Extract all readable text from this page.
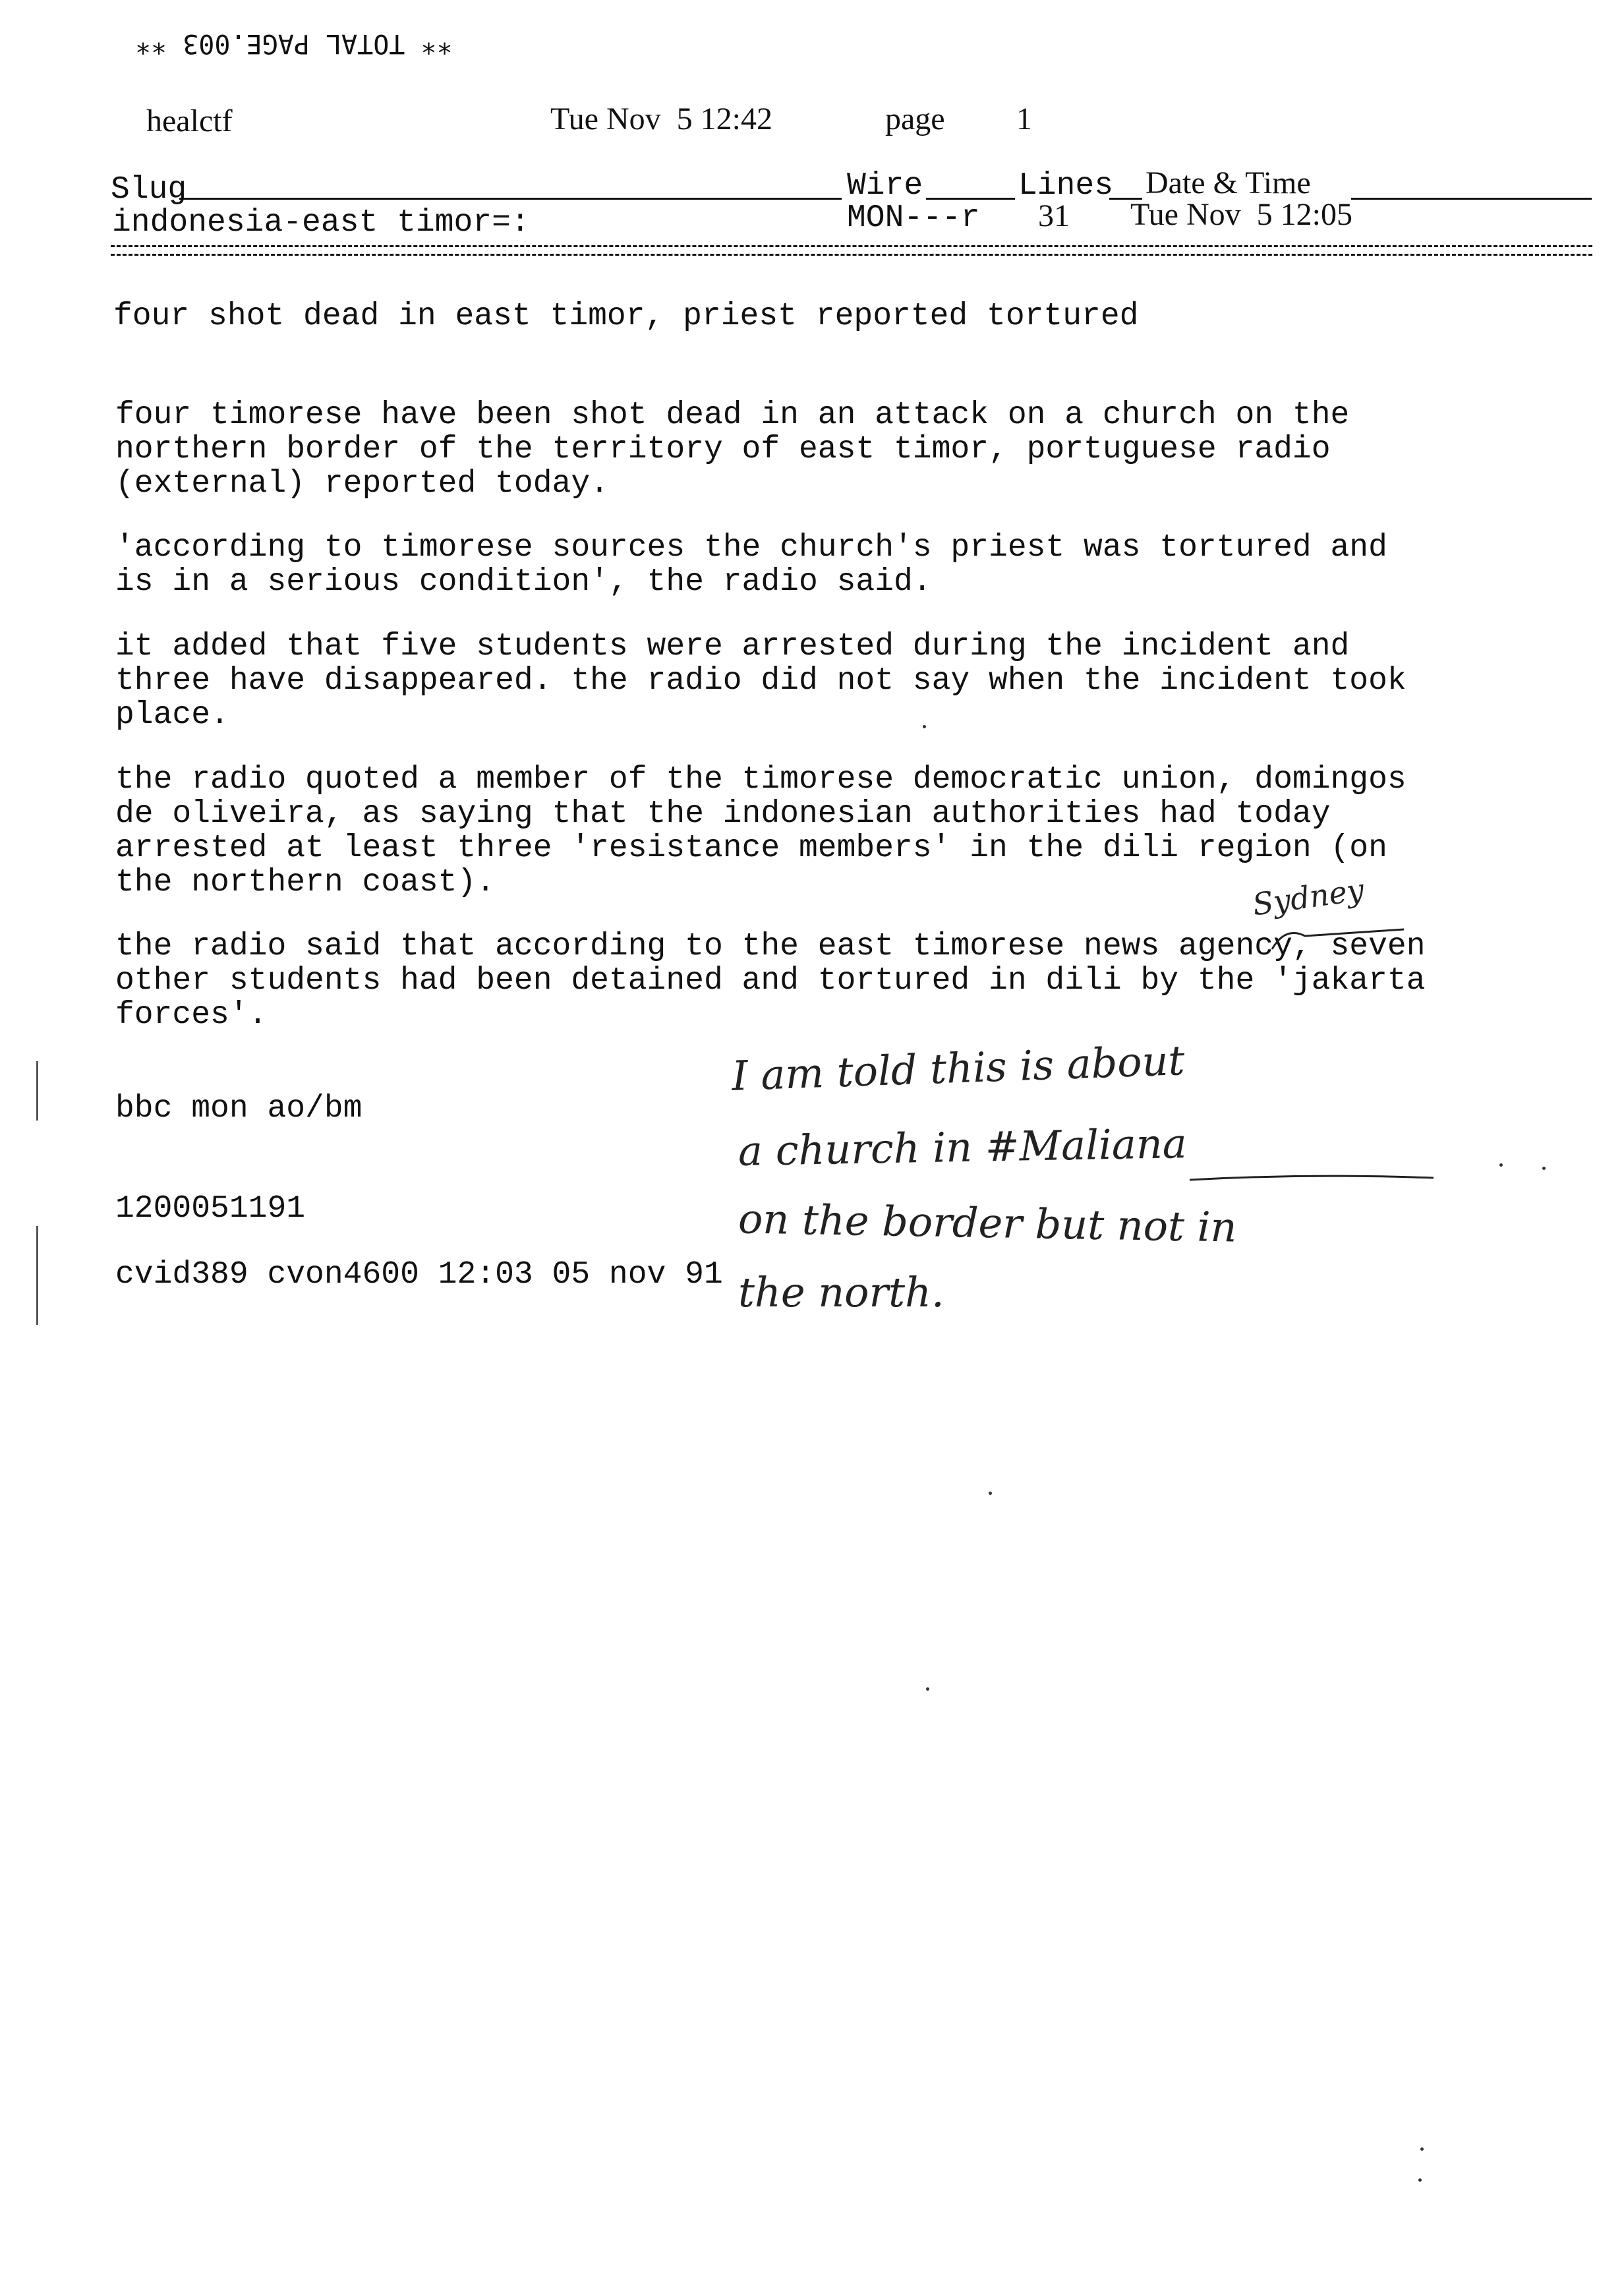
** TOTAL PAGE.003 **
healctf	Tue Nov  5 12:42	page 1
Slug	Wire	Lines Date & Time
indonesia-east timor=:	MON---r 31 Tue Nov  5 12:05
four shot dead in east timor, priest reported tortured
four timorese have been shot dead in an attack on a church on the
northern border of the territory of east timor, portuguese radio
(external) reported today.
'according to timorese sources the church's priest was tortured and
is in a serious condition', the radio said.
it added that five students were arrested during the incident and
three have disappeared. the radio did not say when the incident took
place.
the radio quoted a member of the timorese democratic union, domingos
de oliveira, as saying that the indonesian authorities had today
arrested at least three 'resistance members' in the dili region (on
the northern coast).
the radio said that according to the east timorese news agency, seven
other students had been detained and tortured in dili by the 'jakarta
forces'.
Sydney
bbc mon ao/bm
1200051191
cvid389 cvon4600 12:03 05 nov 91
I am told this is about
a church in #Maliana
on the border but not in
the north.
